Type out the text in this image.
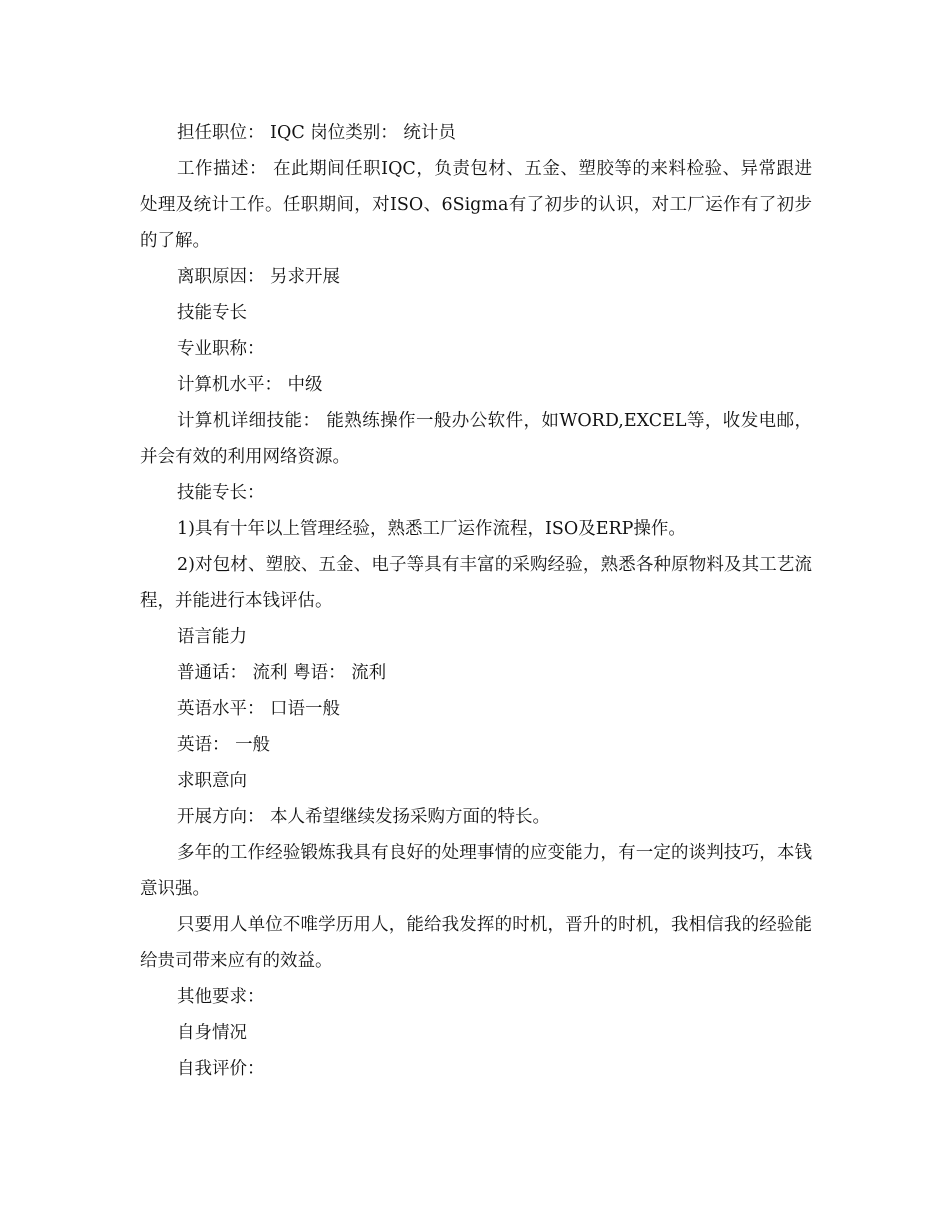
担任职位： IQC 岗位类别： 统计员

工作描述： 在此期间任职IQC，负责包材、五金、塑胶等的来料检验、异常跟进处理及统计工作。任职期间，对ISO、6Sigma有了初步的认识，对工厂运作有了初步的了解。

离职原因： 另求开展

技能专长

专业职称：

计算机水平： 中级

计算机详细技能： 能熟练操作一般办公软件，如WORD,EXCEL等，收发电邮，并会有效的利用网络资源。

技能专长：

1)具有十年以上管理经验，熟悉工厂运作流程，ISO及ERP操作。

2)对包材、塑胶、五金、电子等具有丰富的采购经验，熟悉各种原物料及其工艺流程，并能进行本钱评估。

语言能力

普通话： 流利 粤语： 流利

英语水平： 口语一般

英语： 一般

求职意向

开展方向： 本人希望继续发扬采购方面的特长。

多年的工作经验锻炼我具有良好的处理事情的应变能力，有一定的谈判技巧，本钱意识强。

只要用人单位不唯学历用人，能给我发挥的时机，晋升的时机，我相信我的经验能给贵司带来应有的效益。

其他要求：

自身情况

自我评价：
